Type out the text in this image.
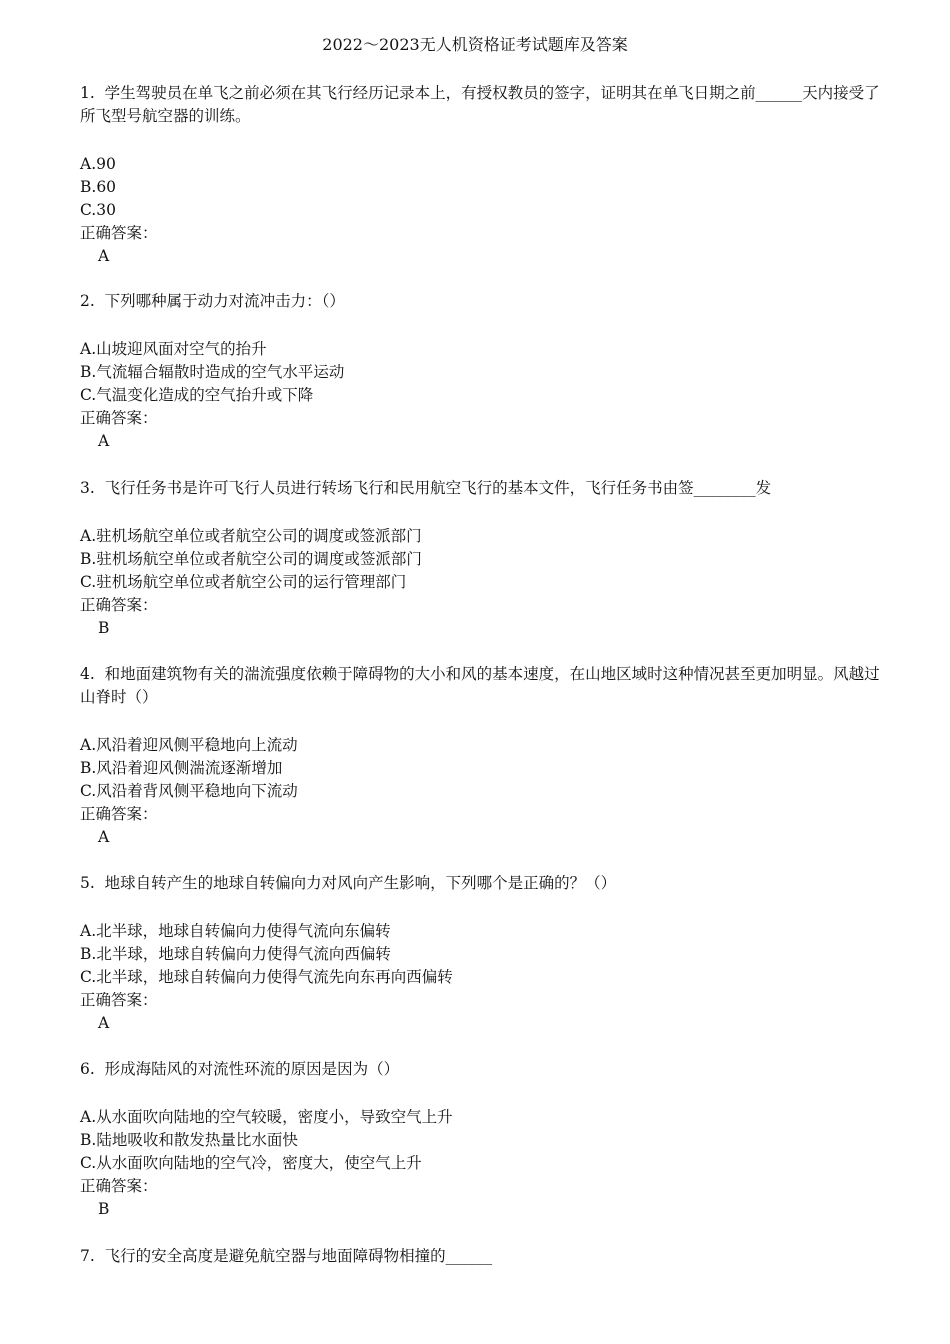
2022～2023无人机资格证考试题库及答案

1.  学生驾驶员在单飞之前必须在其飞行经历记录本上，有授权教员的签字，证明其在单飞日期之前______天内接受了所飞型号航空器的训练。

A.90
B.60
C.30
正确答案：
A

2.  下列哪种属于动力对流冲击力：（）

A.山坡迎风面对空气的抬升
B.气流辐合辐散时造成的空气水平运动
C.气温变化造成的空气抬升或下降
正确答案：
A

3.  飞行任务书是许可飞行人员进行转场飞行和民用航空飞行的基本文件，飞行任务书由签________发

A.驻机场航空单位或者航空公司的调度或签派部门
B.驻机场航空单位或者航空公司的调度或签派部门
C.驻机场航空单位或者航空公司的运行管理部门
正确答案：
B

4.  和地面建筑物有关的湍流强度依赖于障碍物的大小和风的基本速度，在山地区域时这种情况甚至更加明显。风越过山脊时（）

A.风沿着迎风侧平稳地向上流动
B.风沿着迎风侧湍流逐渐增加
C.风沿着背风侧平稳地向下流动
正确答案：
A

5.  地球自转产生的地球自转偏向力对风向产生影响，下列哪个是正确的？（）

A.北半球，地球自转偏向力使得气流向东偏转
B.北半球，地球自转偏向力使得气流向西偏转
C.北半球，地球自转偏向力使得气流先向东再向西偏转
正确答案：
A

6.  形成海陆风的对流性环流的原因是因为（）

A.从水面吹向陆地的空气较暖，密度小，导致空气上升
B.陆地吸收和散发热量比水面快
C.从水面吹向陆地的空气冷，密度大，使空气上升
正确答案：
B

7.  飞行的安全高度是避免航空器与地面障碍物相撞的______
